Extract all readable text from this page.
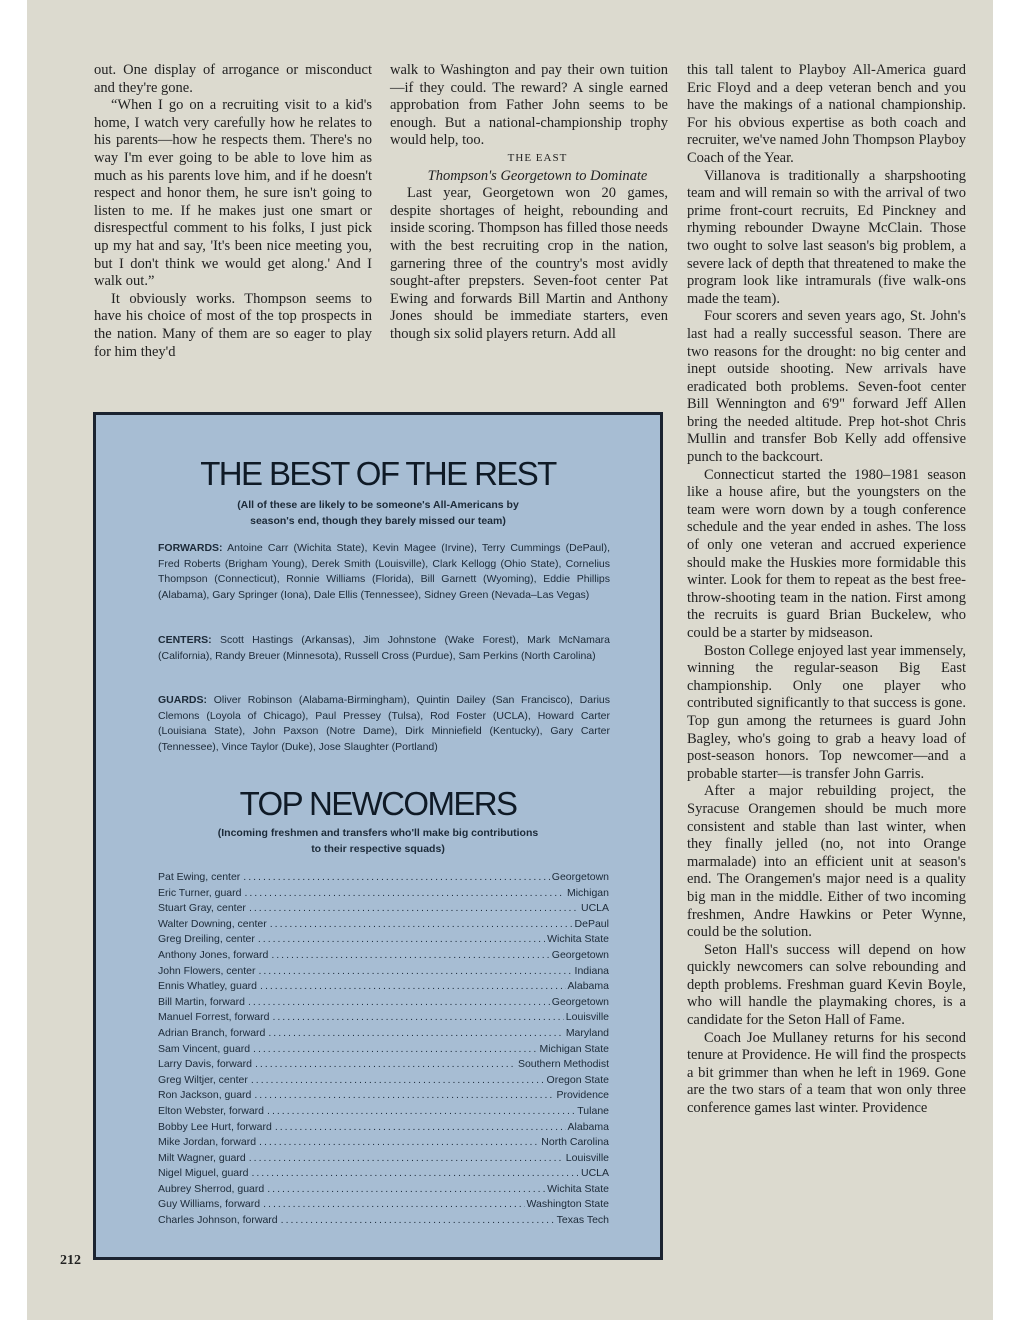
out. One display of arrogance or misconduct and they're gone.

“When I go on a recruiting visit to a kid's home, I watch very carefully how he relates to his parents—how he respects them. There's no way I'm ever going to be able to love him as much as his parents love him, and if he doesn't respect and honor them, he sure isn't going to listen to me. If he makes just one smart or disrespectful comment to his folks, I just pick up my hat and say, 'It's been nice meeting you, but I don't think we would get along.' And I walk out.”

It obviously works. Thompson seems to have his choice of most of the top prospects in the nation. Many of them are so eager to play for him they'd

walk to Washington and pay their own tuition—if they could. The reward? A single earned approbation from Father John seems to be enough. But a national-championship trophy would help, too.

THE EAST

Thompson's Georgetown to Dominate

Last year, Georgetown won 20 games, despite shortages of height, rebounding and inside scoring. Thompson has filled those needs with the best recruiting crop in the nation, garnering three of the country's most avidly sought-after prepsters. Seven-foot center Pat Ewing and forwards Bill Martin and Anthony Jones should be immediate starters, even though six solid players return. Add all

this tall talent to Playboy All-America guard Eric Floyd and a deep veteran bench and you have the makings of a national championship. For his obvious expertise as both coach and recruiter, we've named John Thompson Playboy Coach of the Year.

Villanova is traditionally a sharpshooting team and will remain so with the arrival of two prime front-court recruits, Ed Pinckney and rhyming rebounder Dwayne McClain. Those two ought to solve last season's big problem, a severe lack of depth that threatened to make the program look like intramurals (five walk-ons made the team).

Four scorers and seven years ago, St. John's last had a really successful season. There are two reasons for the drought: no big center and inept outside shooting. New arrivals have eradicated both problems. Seven-foot center Bill Wennington and 6'9" forward Jeff Allen bring the needed altitude. Prep hot-shot Chris Mullin and transfer Bob Kelly add offensive punch to the backcourt.

Connecticut started the 1980–1981 season like a house afire, but the youngsters on the team were worn down by a tough conference schedule and the year ended in ashes. The loss of only one veteran and accrued experience should make the Huskies more formidable this winter. Look for them to repeat as the best free-throw-shooting team in the nation. First among the recruits is guard Brian Buckelew, who could be a starter by midseason.

Boston College enjoyed last year immensely, winning the regular-season Big East championship. Only one player who contributed significantly to that success is gone. Top gun among the returnees is guard John Bagley, who's going to grab a heavy load of post-season honors. Top newcomer—and a probable starter—is transfer John Garris.

After a major rebuilding project, the Syracuse Orangemen should be much more consistent and stable than last winter, when they finally jelled (no, not into Orange marmalade) into an efficient unit at season's end. The Orangemen's major need is a quality big man in the middle. Either of two incoming freshmen, Andre Hawkins or Peter Wynne, could be the solution.

Seton Hall's success will depend on how quickly newcomers can solve rebounding and depth problems. Freshman guard Kevin Boyle, who will handle the playmaking chores, is a candidate for the Seton Hall of Fame.

Coach Joe Mullaney returns for his second tenure at Providence. He will find the prospects a bit grimmer than when he left in 1969. Gone are the two stars of a team that won only three conference games last winter. Providence

THE BEST OF THE REST
(All of these are likely to be someone's All-Americans by season's end, though they barely missed our team)
FORWARDS: Antoine Carr (Wichita State), Kevin Magee (Irvine), Terry Cummings (DePaul), Fred Roberts (Brigham Young), Derek Smith (Louisville), Clark Kellogg (Ohio State), Cornelius Thompson (Connecticut), Ronnie Williams (Florida), Bill Garnett (Wyoming), Eddie Phillips (Alabama), Gary Springer (Iona), Dale Ellis (Tennessee), Sidney Green (Nevada–Las Vegas)
CENTERS: Scott Hastings (Arkansas), Jim Johnstone (Wake Forest), Mark McNamara (California), Randy Breuer (Minnesota), Russell Cross (Purdue), Sam Perkins (North Carolina)
GUARDS: Oliver Robinson (Alabama-Birmingham), Quintin Dailey (San Francisco), Darius Clemons (Loyola of Chicago), Paul Pressey (Tulsa), Rod Foster (UCLA), Howard Carter (Louisiana State), John Paxson (Notre Dame), Dirk Minniefield (Kentucky), Gary Carter (Tennessee), Vince Taylor (Duke), Jose Slaughter (Portland)
TOP NEWCOMERS
(Incoming freshmen and transfers who'll make big contributions to their respective squads)
Pat Ewing, center .....	Georgetown
Eric Turner, guard .....	Michigan
Stuart Gray, center .....	UCLA
Walter Downing, center .....	DePaul
Greg Dreiling, center .....	Wichita State
Anthony Jones, forward .....	Georgetown
John Flowers, center .....	Indiana
Ennis Whatley, guard .....	Alabama
Bill Martin, forward .....	Georgetown
Manuel Forrest, forward .....	Louisville
Adrian Branch, forward .....	Maryland
Sam Vincent, guard .....	Michigan State
Larry Davis, forward .....	Southern Methodist
Greg Wiltjer, center .....	Oregon State
Ron Jackson, guard .....	Providence
Elton Webster, forward .....	Tulane
Bobby Lee Hurt, forward .....	Alabama
Mike Jordan, forward .....	North Carolina
Milt Wagner, guard .....	Louisville
Nigel Miguel, guard .....	UCLA
Aubrey Sherrod, guard .....	Wichita State
Guy Williams, forward .....	Washington State
Charles Johnson, forward .....	Texas Tech
212
